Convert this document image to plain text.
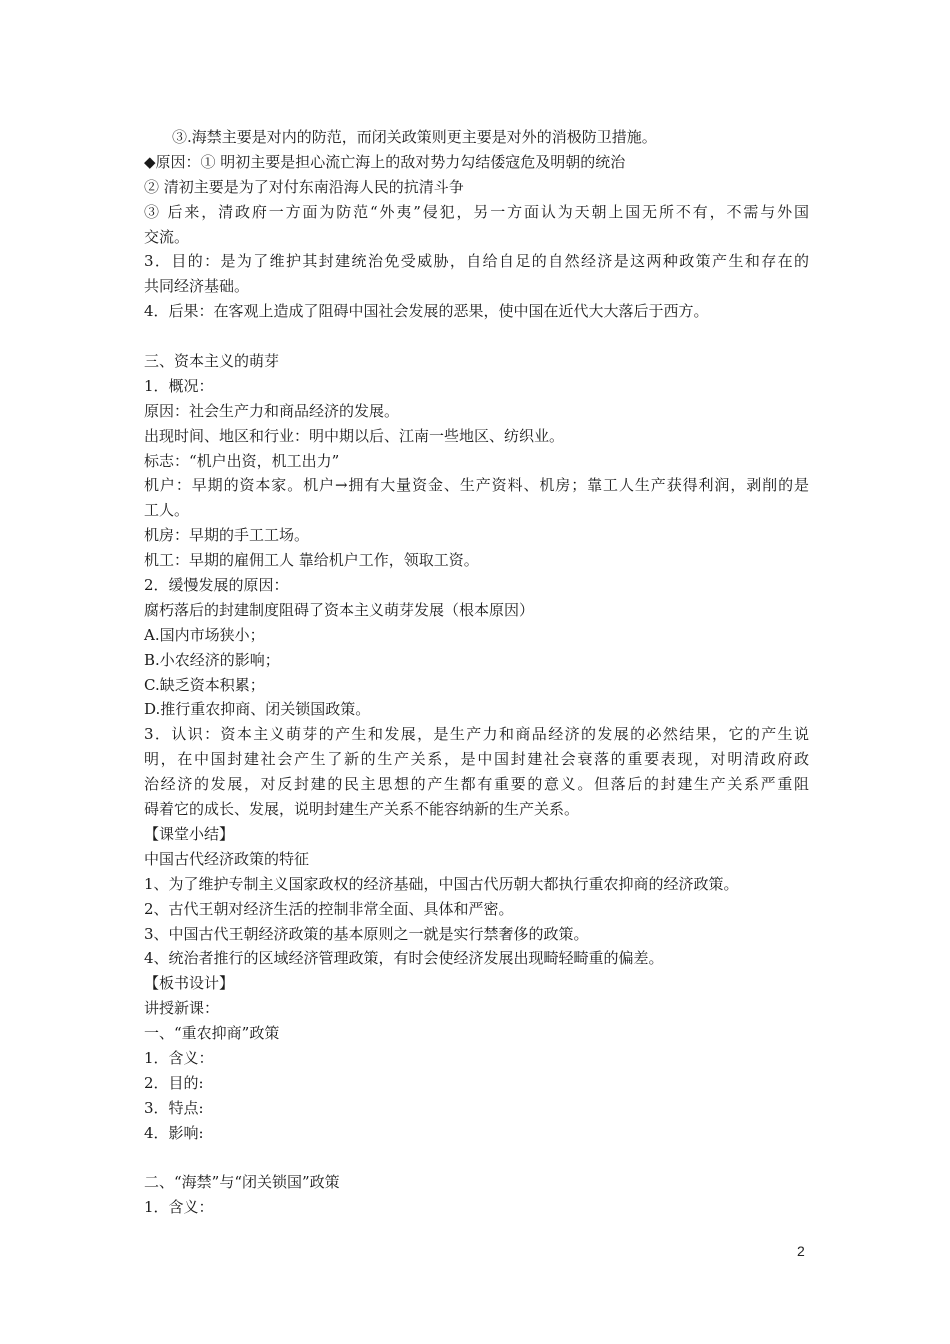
③.海禁主要是对内的防范，而闭关政策则更主要是对外的消极防卫措施。
◆原因：① 明初主要是担心流亡海上的敌对势力勾结倭寇危及明朝的统治
② 清初主要是为了对付东南沿海人民的抗清斗争
③ 后来，清政府一方面为防范“外夷”侵犯，另一方面认为天朝上国无所不有，不需与外国
交流。
3．目的：是为了维护其封建统治免受威胁，自给自足的自然经济是这两种政策产生和存在的
共同经济基础。
4．后果：在客观上造成了阻碍中国社会发展的恶果，使中国在近代大大落后于西方。
三、资本主义的萌芽
1．概况：
原因：社会生产力和商品经济的发展。
出现时间、地区和行业：明中期以后、江南一些地区、纺织业。
标志：“机户出资，机工出力”
机户：早期的资本家。机户→拥有大量资金、生产资料、机房；靠工人生产获得利润，剥削的是
工人。
机房：早期的手工工场。
机工：早期的雇佣工人 靠给机户工作，领取工资。
2．缓慢发展的原因：
腐朽落后的封建制度阻碍了资本主义萌芽发展（根本原因）
A.国内市场狭小；
B.小农经济的影响；
C.缺乏资本积累；
D.推行重农抑商、闭关锁国政策。
3．认识：资本主义萌芽的产生和发展，是生产力和商品经济的发展的必然结果，它的产生说
明，在中国封建社会产生了新的生产关系，是中国封建社会衰落的重要表现，对明清政府政
治经济的发展，对反封建的民主思想的产生都有重要的意义。但落后的封建生产关系严重阻
碍着它的成长、发展，说明封建生产关系不能容纳新的生产关系。
【课堂小结】
中国古代经济政策的特征
1、为了维护专制主义国家政权的经济基础，中国古代历朝大都执行重农抑商的经济政策。
2、古代王朝对经济生活的控制非常全面、具体和严密。
3、中国古代王朝经济政策的基本原则之一就是实行禁奢侈的政策。
4、统治者推行的区域经济管理政策，有时会使经济发展出现畸轻畸重的偏差。
【板书设计】
讲授新课：
一、“重农抑商”政策
1．含义：
2．目的:
3．特点:
4．影响:
二、“海禁”与“闭关锁国”政策
1．含义：
2
